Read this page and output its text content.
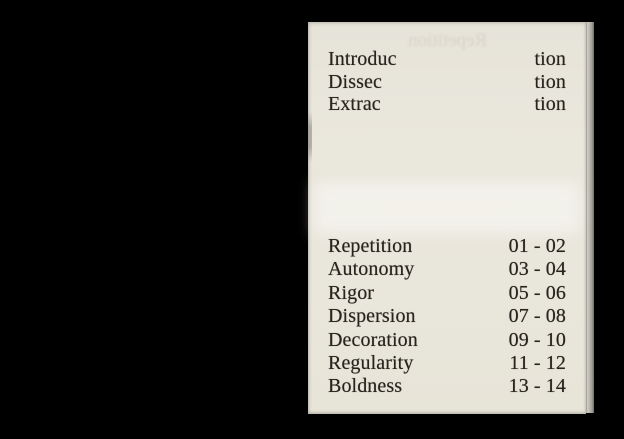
Repetition
Introduc	tion
Dissec	tion
Extrac	tion
Repetition	01 - 02
Autonomy	03 - 04
Rigor	05 - 06
Dispersion	07 - 08
Decoration	09 - 10
Regularity	11 - 12
Boldness	13 - 14
